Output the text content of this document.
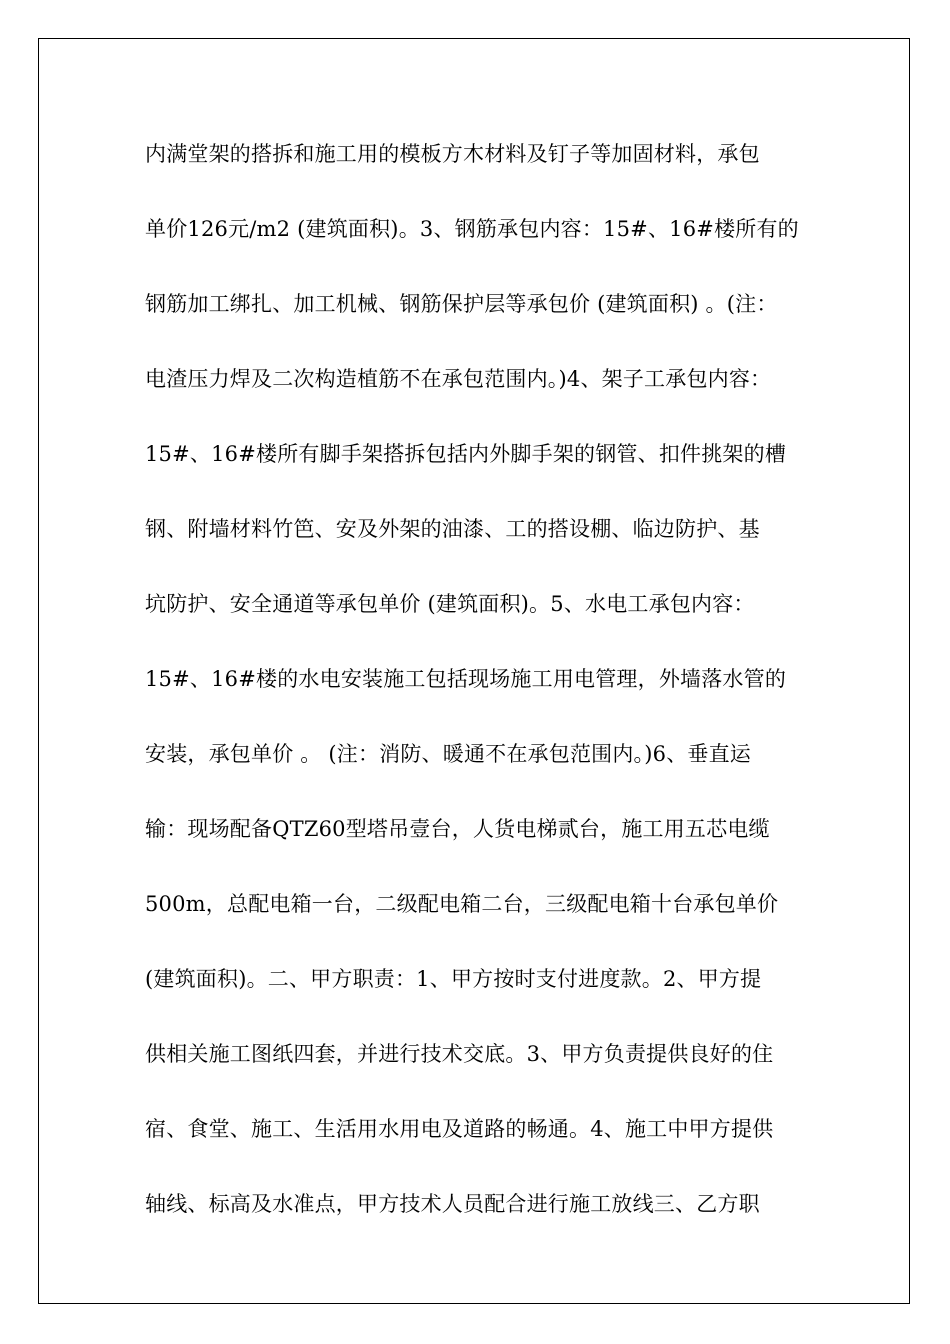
内满堂架的搭拆和施工用的模板方木材料及钉子等加固材料，承包
单价126元/m2 (建筑面积)。3、钢筋承包内容：15#、16#楼所有的
钢筋加工绑扎、加工机械、钢筋保护层等承包价 (建筑面积) 。(注：
电渣压力焊及二次构造植筋不在承包范围内。)4、架子工承包内容：
15#、16#楼所有脚手架搭拆包括内外脚手架的钢管、扣件挑架的槽
钢、附墙材料竹笆、安及外架的油漆、工的搭设棚、临边防护、基
坑防护、安全通道等承包单价 (建筑面积)。5、水电工承包内容：
15#、16#楼的水电安装施工包括现场施工用电管理，外墙落水管的
安装，承包单价 。 (注：消防、暖通不在承包范围内。)6、垂直运
输：现场配备QTZ60型塔吊壹台，人货电梯贰台，施工用五芯电缆
500m，总配电箱一台，二级配电箱二台，三级配电箱十台承包单价
(建筑面积)。二、甲方职责：1、甲方按时支付进度款。2、甲方提
供相关施工图纸四套，并进行技术交底。3、甲方负责提供良好的住
宿、食堂、施工、生活用水用电及道路的畅通。4、施工中甲方提供
轴线、标高及水准点，甲方技术人员配合进行施工放线三、乙方职
